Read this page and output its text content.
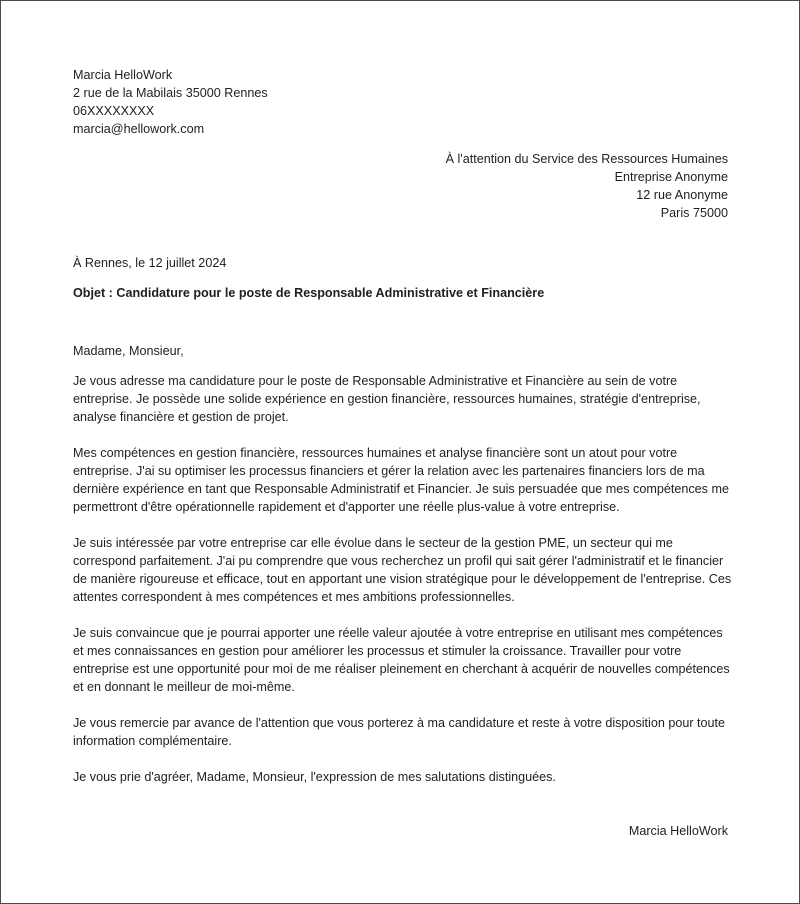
Marcia HelloWork
2 rue de la Mabilais 35000 Rennes
06XXXXXXXX
marcia@hellowork.com
À l'attention du Service des Ressources Humaines
Entreprise Anonyme
12 rue Anonyme
Paris 75000
À Rennes, le 12 juillet 2024
Objet : Candidature pour le poste de Responsable Administrative et Financière

Madame, Monsieur,

Je vous adresse ma candidature pour le poste de Responsable Administrative et Financière au sein de votre entreprise. Je possède une solide expérience en gestion financière, ressources humaines, stratégie d'entreprise, analyse financière et gestion de projet.

Mes compétences en gestion financière, ressources humaines et analyse financière sont un atout pour votre entreprise. J'ai su optimiser les processus financiers et gérer la relation avec les partenaires financiers lors de ma dernière expérience en tant que Responsable Administratif et Financier. Je suis persuadée que mes compétences me permettront d'être opérationnelle rapidement et d'apporter une réelle plus-value à votre entreprise.

Je suis intéressée par votre entreprise car elle évolue dans le secteur de la gestion PME, un secteur qui me correspond parfaitement. J'ai pu comprendre que vous recherchez un profil qui sait gérer l'administratif et le financier de manière rigoureuse et efficace, tout en apportant une vision stratégique pour le développement de l'entreprise. Ces attentes correspondent à mes compétences et mes ambitions professionnelles.

Je suis convaincue que je pourrai apporter une réelle valeur ajoutée à votre entreprise en utilisant mes compétences et mes connaissances en gestion pour améliorer les processus et stimuler la croissance. Travailler pour votre entreprise est une opportunité pour moi de me réaliser pleinement en cherchant à acquérir de nouvelles compétences et en donnant le meilleur de moi-même.

Je vous remercie par avance de l'attention que vous porterez à ma candidature et reste à votre disposition pour toute information complémentaire.

Je vous prie d'agréer, Madame, Monsieur, l'expression de mes salutations distinguées.

Marcia HelloWork
